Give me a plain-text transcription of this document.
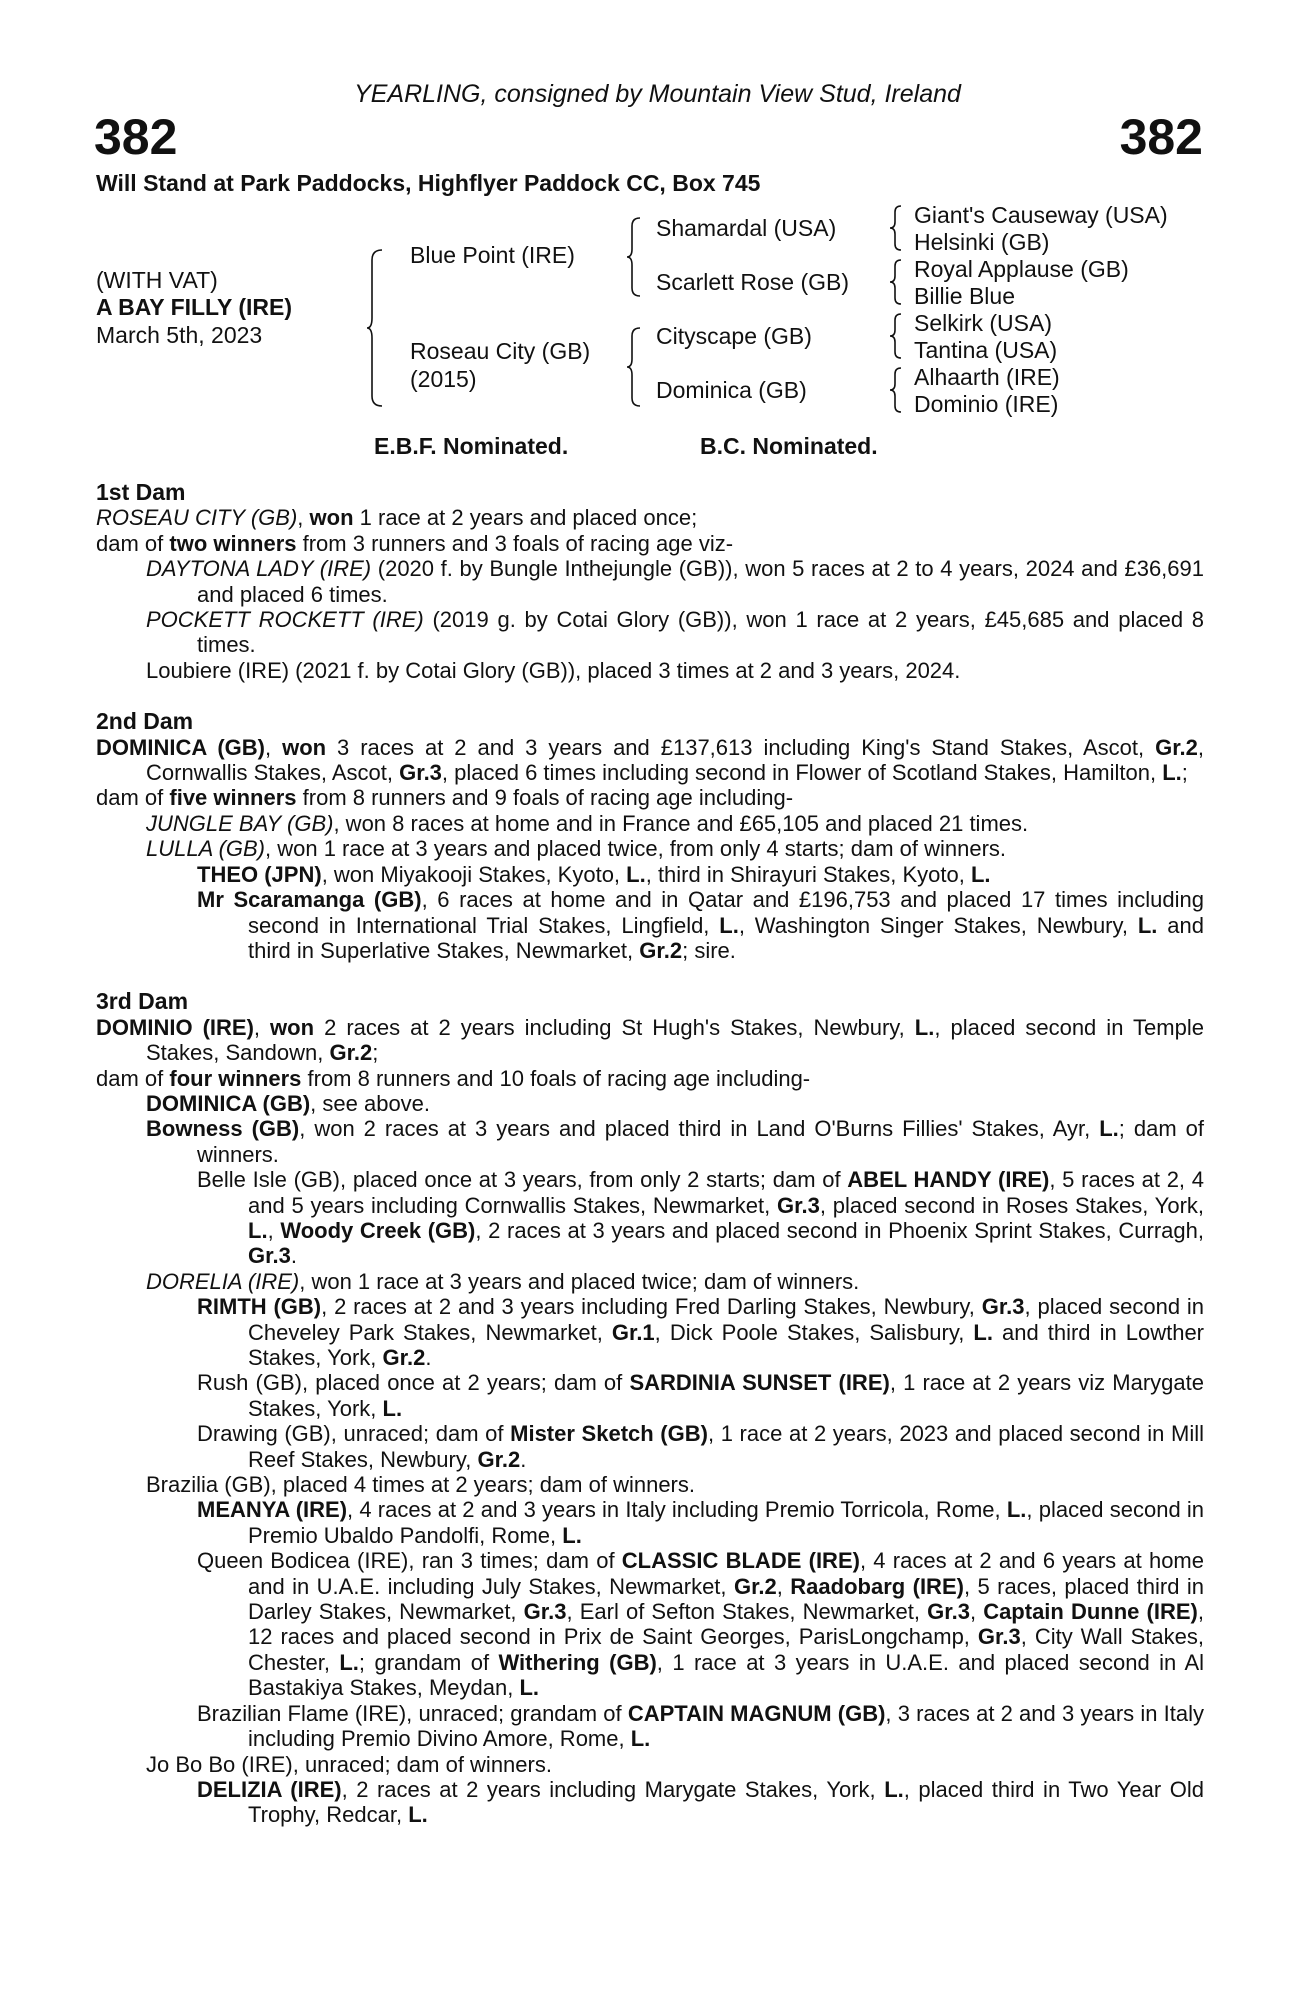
YEARLING, consigned by Mountain View Stud, Ireland
382	382
Will Stand at Park Paddocks, Highflyer Paddock CC, Box 745
(WITH VAT)
A BAY FILLY (IRE)
March 5th, 2023
Blue Point (IRE)
Roseau City (GB)
(2015)
Shamardal (USA)
Scarlett Rose (GB)
Cityscape (GB)
Dominica (GB)
Giant's Causeway (USA)
Helsinki (GB)
Royal Applause (GB)
Billie Blue
Selkirk (USA)
Tantina (USA)
Alhaarth (IRE)
Dominio (IRE)
E.B.F. Nominated.	B.C. Nominated.
1st Dam
ROSEAU CITY (GB), won 1 race at 2 years and placed once;
dam of two winners from 3 runners and 3 foals of racing age viz-
DAYTONA LADY (IRE) (2020 f. by Bungle Inthejungle (GB)), won 5 races at 2 to 4 years, 2024 and £36,691 and placed 6 times.
POCKETT ROCKETT (IRE) (2019 g. by Cotai Glory (GB)), won 1 race at 2 years, £45,685 and placed 8 times.
Loubiere (IRE) (2021 f. by Cotai Glory (GB)), placed 3 times at 2 and 3 years, 2024.
2nd Dam
DOMINICA (GB), won 3 races at 2 and 3 years and £137,613 including King's Stand Stakes, Ascot, Gr.2, Cornwallis Stakes, Ascot, Gr.3, placed 6 times including second in Flower of Scotland Stakes, Hamilton, L.;
dam of five winners from 8 runners and 9 foals of racing age including-
JUNGLE BAY (GB), won 8 races at home and in France and £65,105 and placed 21 times.
LULLA (GB), won 1 race at 3 years and placed twice, from only 4 starts; dam of winners.
THEO (JPN), won Miyakooji Stakes, Kyoto, L., third in Shirayuri Stakes, Kyoto, L.
Mr Scaramanga (GB), 6 races at home and in Qatar and £196,753 and placed 17 times including second in International Trial Stakes, Lingfield, L., Washington Singer Stakes, Newbury, L. and third in Superlative Stakes, Newmarket, Gr.2; sire.
3rd Dam
DOMINIO (IRE), won 2 races at 2 years including St Hugh's Stakes, Newbury, L., placed second in Temple Stakes, Sandown, Gr.2;
dam of four winners from 8 runners and 10 foals of racing age including-
DOMINICA (GB), see above.
Bowness (GB), won 2 races at 3 years and placed third in Land O'Burns Fillies' Stakes, Ayr, L.; dam of winners.
Belle Isle (GB), placed once at 3 years, from only 2 starts; dam of ABEL HANDY (IRE), 5 races at 2, 4 and 5 years including Cornwallis Stakes, Newmarket, Gr.3, placed second in Roses Stakes, York, L., Woody Creek (GB), 2 races at 3 years and placed second in Phoenix Sprint Stakes, Curragh, Gr.3.
DORELIA (IRE), won 1 race at 3 years and placed twice; dam of winners.
RIMTH (GB), 2 races at 2 and 3 years including Fred Darling Stakes, Newbury, Gr.3, placed second in Cheveley Park Stakes, Newmarket, Gr.1, Dick Poole Stakes, Salisbury, L. and third in Lowther Stakes, York, Gr.2.
Rush (GB), placed once at 2 years; dam of SARDINIA SUNSET (IRE), 1 race at 2 years viz Marygate Stakes, York, L.
Drawing (GB), unraced; dam of Mister Sketch (GB), 1 race at 2 years, 2023 and placed second in Mill Reef Stakes, Newbury, Gr.2.
Brazilia (GB), placed 4 times at 2 years; dam of winners.
MEANYA (IRE), 4 races at 2 and 3 years in Italy including Premio Torricola, Rome, L., placed second in Premio Ubaldo Pandolfi, Rome, L.
Queen Bodicea (IRE), ran 3 times; dam of CLASSIC BLADE (IRE), 4 races at 2 and 6 years at home and in U.A.E. including July Stakes, Newmarket, Gr.2, Raadobarg (IRE), 5 races, placed third in Darley Stakes, Newmarket, Gr.3, Earl of Sefton Stakes, Newmarket, Gr.3, Captain Dunne (IRE), 12 races and placed second in Prix de Saint Georges, ParisLongchamp, Gr.3, City Wall Stakes, Chester, L.; grandam of Withering (GB), 1 race at 3 years in U.A.E. and placed second in Al Bastakiya Stakes, Meydan, L.
Brazilian Flame (IRE), unraced; grandam of CAPTAIN MAGNUM (GB), 3 races at 2 and 3 years in Italy including Premio Divino Amore, Rome, L.
Jo Bo Bo (IRE), unraced; dam of winners.
DELIZIA (IRE), 2 races at 2 years including Marygate Stakes, York, L., placed third in Two Year Old Trophy, Redcar, L.
